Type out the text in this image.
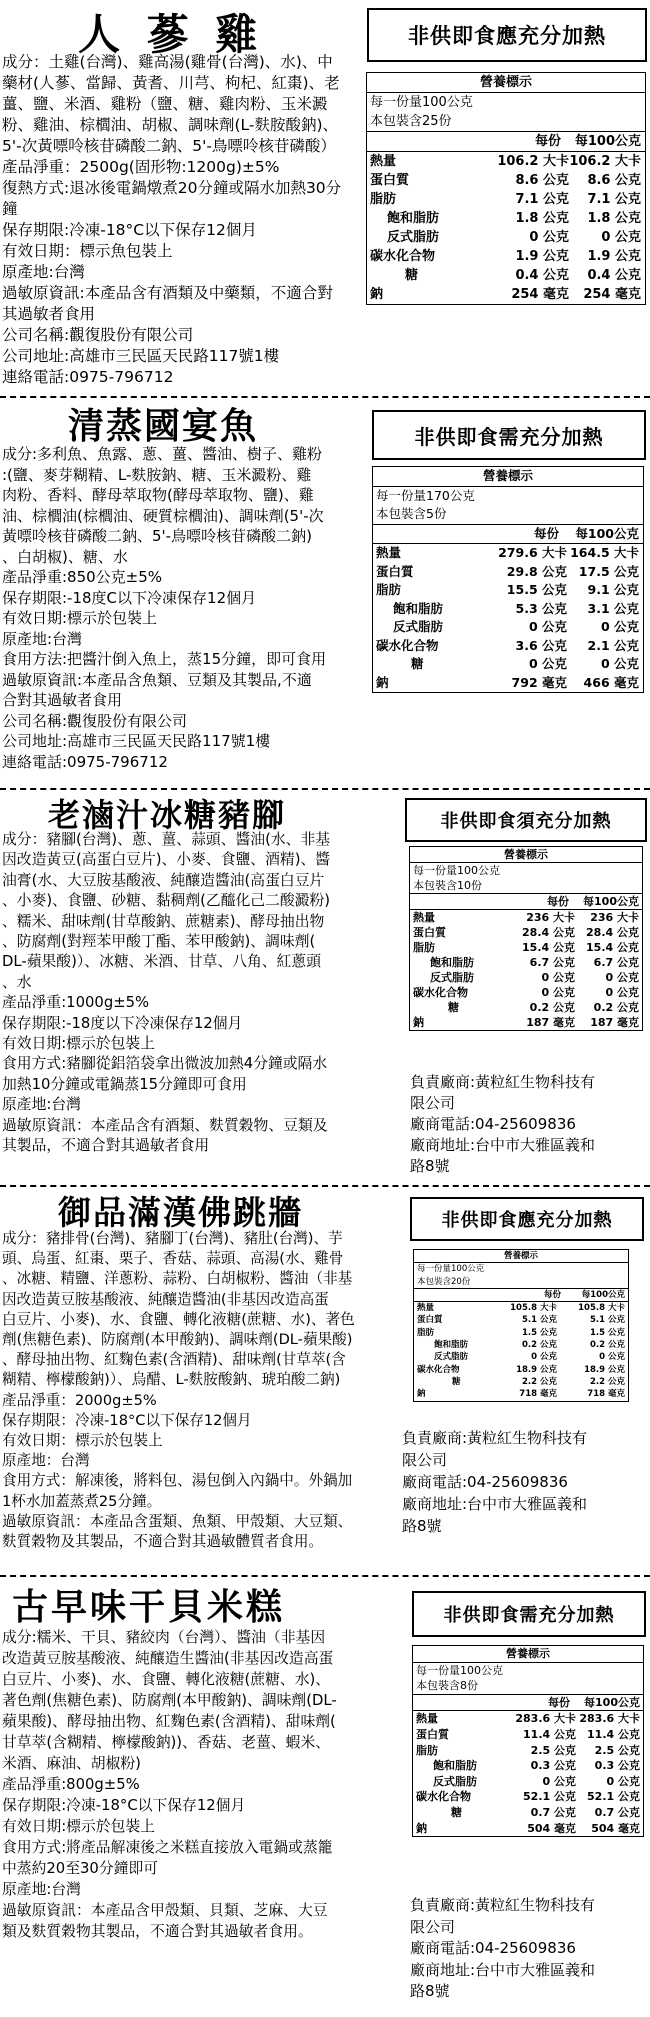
人 蔘 雞	非供即食應充分加熱
成分：土雞(台灣)、雞高湯(雞骨(台灣)、水)、中
藥材(人蔘、當歸、黃耆、川芎、枸杞、紅棗)、老
薑、鹽、米酒、雞粉（鹽、糖、雞肉粉、玉米澱
粉、雞油、棕櫚油、胡椒、調味劑(L-麩胺酸鈉)、
5'-次黃嘌呤核苷磷酸二鈉、5'-鳥嘌呤核苷磷酸）
產品淨重：2500g(固形物:1200g)±5%
復熱方式:退冰後電鍋燉煮20分鐘或隔水加熱30分
鐘
保存期限:冷凍-18°C以下保存12個月
有效日期：標示魚包裝上
原產地:台灣
過敏原資訊:本產品含有酒類及中藥類，不適合對
其過敏者食用
公司名稱:觀復股份有限公司
公司地址:高雄市三民區天民路117號1樓
連絡電話:0975-796712
營養標示
每一份量100公克
本包裝含25份
每份	每100公克
熱量	106.2 大卡 106.2 大卡
蛋白質	8.6 公克	8.6 公克
脂肪	7.1 公克	7.1 公克
飽和脂肪	1.8 公克	1.8 公克
反式脂肪	0 公克	0 公克
碳水化合物	1.9 公克	1.9 公克
糖	0.4 公克	0.4 公克
鈉	254 毫克	254 毫克
清蒸國宴魚	非供即食需充分加熱
成分:多利魚、魚露、蔥、薑、醬油、樹子、雞粉
:(鹽、麥芽糊精、L-麩胺鈉、糖、玉米澱粉、雞
肉粉、香料、酵母萃取物(酵母萃取物、鹽)、雞
油、棕櫚油(棕櫚油、硬質棕櫚油)、調味劑(5'-次
黃嘌呤核苷磷酸二鈉、5'-鳥嘌呤核苷磷酸二鈉)
、白胡椒)、糖、水
產品淨重:850公克±5%
保存期限:-18度C以下冷凍保存12個月
有效日期:標示於包裝上
原產地:台灣
食用方法:把醬汁倒入魚上，蒸15分鐘，即可食用
過敏原資訊:本產品含魚類、豆類及其製品,不適
合對其過敏者食用
公司名稱:觀復股份有限公司
公司地址:高雄市三民區天民路117號1樓
連絡電話:0975-796712
營養標示
每一份量170公克
本包裝含5份
每份	每100公克
熱量	279.6 大卡 164.5 大卡
蛋白質	29.8 公克 17.5 公克
脂肪	15.5 公克	9.1 公克
飽和脂肪	5.3 公克	3.1 公克
反式脂肪	0 公克	0 公克
碳水化合物	3.6 公克	2.1 公克
糖	0 公克	0 公克
鈉	792 毫克	466 毫克
老滷汁冰糖豬腳	非供即食須充分加熱
成分：豬腳(台灣)、蔥、薑、蒜頭、醬油(水、非基
因改造黃豆(高蛋白豆片)、小麥、食鹽、酒精)、醬
油膏(水、大豆胺基酸液、純釀造醬油(高蛋白豆片
、小麥)、食鹽、砂糖、黏稠劑(乙醯化己二酸澱粉)
、糯米、甜味劑(甘草酸鈉、蔗糖素)、酵母抽出物
、防腐劑(對羥苯甲酸丁酯、苯甲酸鈉)、調味劑(
DL-蘋果酸)）、冰糖、米酒、甘草、八角、紅蔥頭
、水
產品淨重:1000g±5%
保存期限:-18度以下冷凍保存12個月
有效日期:標示於包裝上
食用方式:豬腳從鋁箔袋拿出微波加熱4分鐘或隔水
加熱10分鐘或電鍋蒸15分鐘即可食用
原產地:台灣
過敏原資訊：本產品含有酒類、麩質穀物、豆類及
其製品，不適合對其過敏者食用
營養標示
每一份量100公克
本包裝含10份
每份	每100公克
熱量	236 大卡	236 大卡
蛋白質	28.4 公克	28.4 公克
脂肪	15.4 公克	15.4 公克
飽和脂肪	6.7 公克	6.7 公克
反式脂肪	0 公克	0 公克
碳水化合物	0 公克	0 公克
糖	0.2 公克	0.2 公克
鈉	187 毫克	187 毫克
負責廠商:黃粒紅生物科技有
限公司
廠商電話:04-25609836
廠商地址:台中市大雅區義和
路8號
御品滿漢佛跳牆	非供即食應充分加熱
成分：豬排骨(台灣)、豬腳丁(台灣)、豬肚(台灣)、芋
頭、烏蛋、紅棗、栗子、香菇、蒜頭、高湯(水、雞骨
、冰糖、精鹽、洋蔥粉、蒜粉、白胡椒粉、醬油（非基
因改造黃豆胺基酸液、純釀造醬油(非基因改造高蛋
白豆片、小麥)、水、食鹽、轉化液糖(蔗糖、水)、著色
劑(焦糖色素)、防腐劑(本甲酸鈉)、調味劑(DL-蘋果酸)
、酵母抽出物、紅麴色素(含酒精)、甜味劑(甘草萃(含
糊精、檸檬酸鈉)）、烏醋、L-麩胺酸鈉、琥珀酸二鈉)
產品淨重：2000g±5%
保存期限：冷凍-18°C以下保存12個月
有效日期：標示於包裝上
原產地：台灣
食用方式：解凍後，將料包、湯包倒入內鍋中。外鍋加
1杯水加蓋蒸煮25分鐘。
過敏原資訊：本產品含蛋類、魚類、甲殼類、大豆類、
麩質穀物及其製品，不適合對其過敏體質者食用。
營養標示
每一份量100公克
本包裝含20份
每份	每100公克
熱量	105.8 大卡	105.8 大卡
蛋白質	5.1 公克	5.1 公克
脂肪	1.5 公克	1.5 公克
飽和脂肪	0.2 公克	0.2 公克
反式脂肪	0 公克	0 公克
碳水化合物	18.9 公克	18.9 公克
糖	2.2 公克	2.2 公克
鈉	718 毫克	718 毫克
負責廠商:黃粒紅生物科技有
限公司
廠商電話:04-25609836
廠商地址:台中市大雅區義和
路8號
古早味干貝米糕	非供即食需充分加熱
成分:糯米、干貝、豬絞肉（台灣）、醬油（非基因
改造黃豆胺基酸液、純釀造生醬油(非基因改造高蛋
白豆片、小麥)、水、食鹽、轉化液糖(蔗糖、水)、
著色劑(焦糖色素)、防腐劑(本甲酸鈉)、調味劑(DL-
蘋果酸)、酵母抽出物、紅麴色素(含酒精)、甜味劑(
甘草萃(含糊精、檸檬酸鈉))、香菇、老薑、蝦米、
米酒、麻油、胡椒粉)
產品淨重:800g±5%
保存期限:冷凍-18°C以下保存12個月
有效日期:標示於包裝上
食用方式:將產品解凍後之米糕直接放入電鍋或蒸籠
中蒸約20至30分鐘即可
原產地:台灣
過敏原資訊：本產品含甲殼類、貝類、芝麻、大豆
類及麩質穀物其製品，不適合對其過敏者食用。
營養標示
每一份量100公克
本包裝含8份
每份	每100公克
熱量	283.6 大卡 283.6 大卡
蛋白質	11.4 公克	11.4 公克
脂肪	2.5 公克	2.5 公克
飽和脂肪	0.3 公克	0.3 公克
反式脂肪	0 公克	0 公克
碳水化合物	52.1 公克	52.1 公克
糖	0.7 公克	0.7 公克
鈉	504 毫克	504 毫克
負責廠商:黃粒紅生物科技有
限公司
廠商電話:04-25609836
廠商地址:台中市大雅區義和
路8號
